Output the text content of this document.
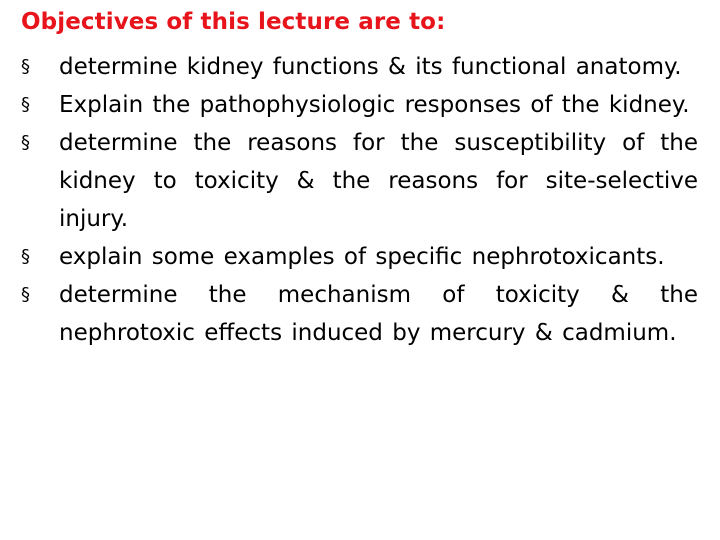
Objectives of this lecture are to:
§	determine kidney functions & its functional anatomy.
§	Explain the pathophysiologic responses of the kidney.
§	determine the reasons for the susceptibility of the kidney to toxicity & the reasons for site-selective injury.
§	explain some examples of specific nephrotoxicants.
§	determine the mechanism of toxicity & the nephrotoxic effects induced by mercury & cadmium.
